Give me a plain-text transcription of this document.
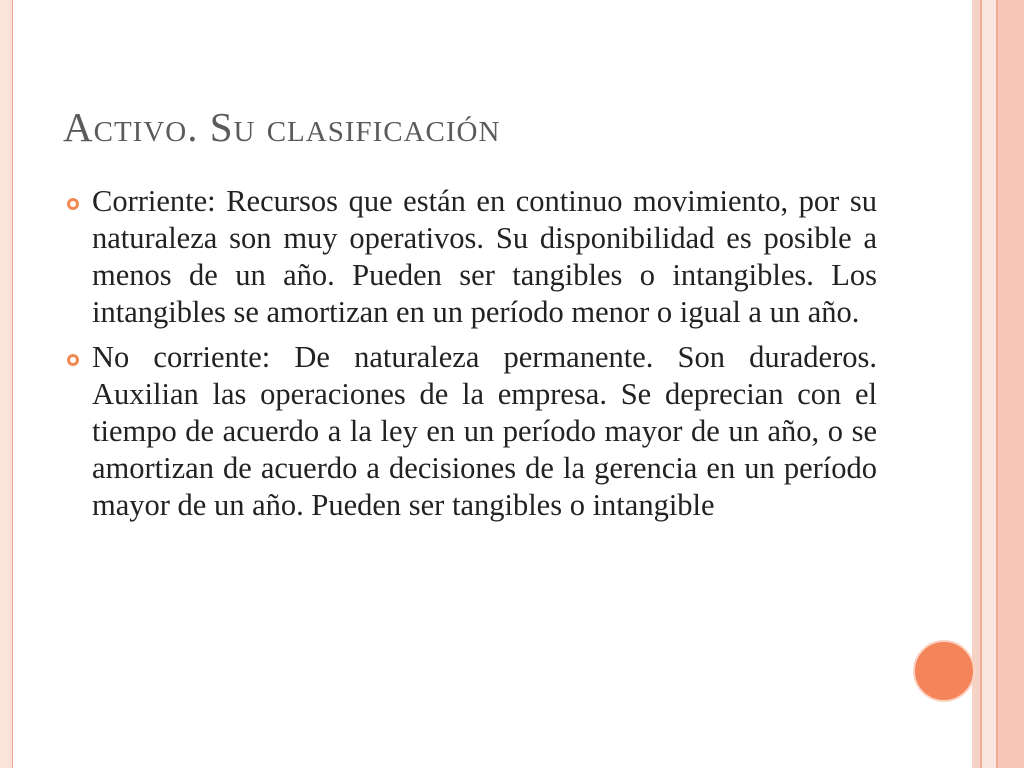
Activo. Su clasificación
Corriente: Recursos que están en continuo movimiento, por su naturaleza son muy operativos. Su disponibilidad es posible a menos de un año. Pueden ser tangibles o intangibles. Los intangibles se amortizan en un período menor o igual a un año.
No corriente: De naturaleza permanente. Son duraderos. Auxilian las operaciones de la empresa. Se deprecian con el tiempo de acuerdo a la ley en un período mayor de un año, o se amortizan de acuerdo a decisiones de la gerencia en un período mayor de un año. Pueden ser tangibles o intangible
